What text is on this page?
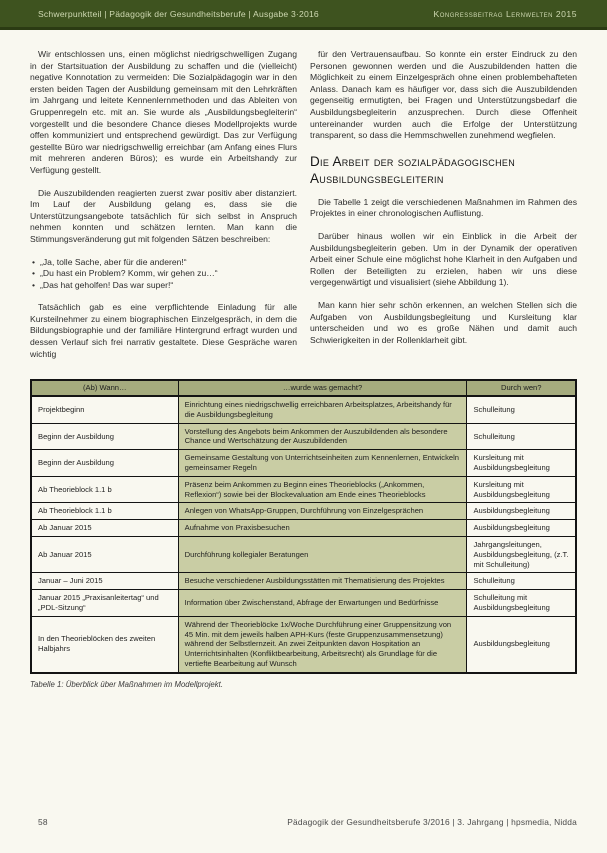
Schwerpunktteil | Pädagogik der Gesundheitsberufe | Ausgabe 3·2016	Kongressbeitrag Lernwelten 2015

Wir entschlossen uns, einen möglichst niedrigschwelligen Zugang in der Startsituation der Ausbildung zu schaffen und die (vielleicht) negative Konnotation zu vermeiden: Die Sozialpädagogin war in den ersten beiden Tagen der Ausbildung gemeinsam mit den Lehrkräften im Jahrgang und leitete Kennenlernmethoden und das Ableiten von Gruppenregeln etc. mit an. Sie wurde als „Ausbildungsbegleiterin“ vorgestellt und die besondere Chance dieses Modellprojekts wurde offen kommuniziert und entsprechend gewürdigt. Das zur Verfügung gestellte Büro war niedrigschwellig erreichbar (am Anfang eines Flurs mit mehreren anderen Büros); es wurde ein Arbeitshandy zur Verfügung gestellt.

Die Auszubildenden reagierten zuerst zwar positiv aber distanziert. Im Lauf der Ausbildung gelang es, dass sie die Unterstützungsangebote tatsächlich für sich selbst in Anspruch nehmen konnten und schätzen lernten. Man kann die Stimmungsveränderung gut mit folgenden Sätzen beschreiben:

• „Ja, tolle Sache, aber für die anderen!“
• „Du hast ein Problem? Komm, wir gehen zu…“
• „Das hat geholfen! Das war super!“

Tatsächlich gab es eine verpflichtende Einladung für alle Kursteilnehmer zu einem biographischen Einzelgespräch, in dem die Bildungsbiographie und der familiäre Hintergrund erfragt wurden und dessen Verlauf sich frei narrativ gestaltete. Diese Gespräche waren wichtig

für den Vertrauensaufbau. So konnte ein erster Eindruck zu den Personen gewonnen werden und die Auszubildenden hatten die Möglichkeit zu einem Einzelgespräch ohne einen problembehafteten Anlass. Danach kam es häufiger vor, dass sich die Auszubildenden gegenseitig ermutigten, bei Fragen und Unterstützungsbedarf die Ausbildungsbegleiterin anzusprechen. Durch diese Offenheit untereinander wurden auch die Erfolge der Unterstützung transparent, so dass die Hemmschwellen zunehmend wegfielen.

Die Arbeit der sozialpädagogischen Ausbildungsbegleiterin

Die Tabelle 1 zeigt die verschiedenen Maßnahmen im Rahmen des Projektes in einer chronologischen Auflistung.

Darüber hinaus wollen wir ein Einblick in die Arbeit der Ausbildungsbegleiterin geben. Um in der Dynamik der operativen Arbeit einer Schule eine möglichst hohe Klarheit in den Aufgaben und Rollen der Beteiligten zu erzielen, haben wir uns diese vergegenwärtigt und visualisiert (siehe Abbildung 1).

Man kann hier sehr schön erkennen, an welchen Stellen sich die Aufgaben von Ausbildungsbegleitung und Kursleitung klar unterscheiden und wo es große Nähen und damit auch Schwierigkeiten in der Rollenklarheit gibt.

(Ab) Wann…	…wurde was gemacht?	Durch wen?
Projektbeginn	Einrichtung eines niedrigschwellig erreichbaren Arbeitsplatzes, Arbeitshandy für die Ausbildungsbegleitung	Schulleitung
Beginn der Ausbildung	Vorstellung des Angebots beim Ankommen der Auszubildenden als besondere Chance und Wertschätzung der Auszubildenden	Schulleitung
Beginn der Ausbildung	Gemeinsame Gestaltung von Unterrichtseinheiten zum Kennenlernen, Entwickeln gemeinsamer Regeln	Kursleitung mit Ausbildungsbegleitung
Ab Theorieblock 1.1 b	Präsenz beim Ankommen zu Beginn eines Theorieblocks („Ankommen, Reflexion“) sowie bei der Blockevaluation am Ende eines Theorieblocks	Kursleitung mit Ausbildungsbegleitung
Ab Theorieblock 1.1 b	Anlegen von WhatsApp-Gruppen, Durchführung von Einzelgesprächen	Ausbildungsbegleitung
Ab Januar 2015	Aufnahme von Praxisbesuchen	Ausbildungsbegleitung
Ab Januar 2015	Durchführung kollegialer Beratungen	Jahrgangsleitungen, Ausbildungsbegleitung, (z.T. mit Schulleitung)
Januar – Juni 2015	Besuche verschiedener Ausbildungsstätten mit Thematisierung des Projektes	Schulleitung
Januar 2015 „Praxisanleitertag“ und „PDL-Sitzung“	Information über Zwischenstand, Abfrage der Erwartungen und Bedürfnisse	Schulleitung mit Ausbildungsbegleitung
In den Theorieblöcken des zweiten Halbjahrs	Während der Theorieblöcke 1x/Woche Durchführung einer Gruppensitzung von 45 Min. mit dem jeweils halben APH-Kurs (feste Gruppenzusammensetzung) während der Selbstlernzeit. An zwei Zeitpunkten davon Hospitation an Unterrichtsinhalten (Konfliktbearbeitung, Arbeitsrecht) als Grundlage für die vertiefte Bearbeitung auf Wunsch	Ausbildungsbegleitung

Tabelle 1: Überblick über Maßnahmen im Modellprojekt.

58	Pädagogik der Gesundheitsberufe 3/2016 | 3. Jahrgang | hpsmedia, Nidda
